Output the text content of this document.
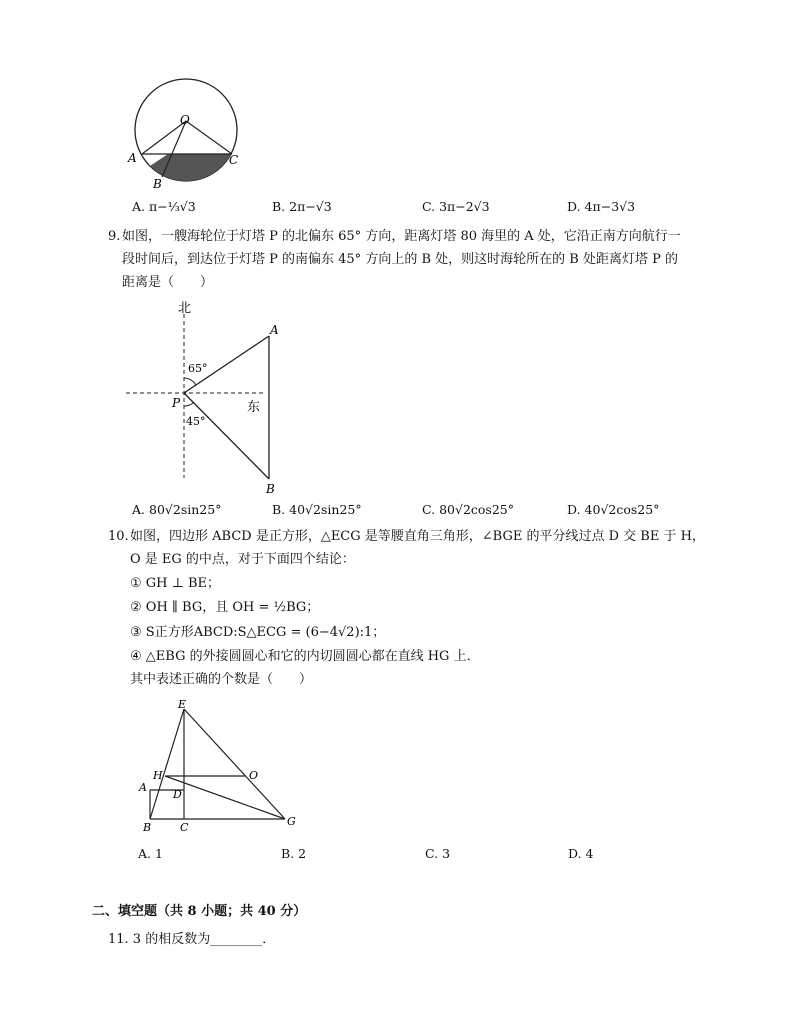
O
A
B
C
A. π−⅓√3	B. 2π−√3	C. 3π−2√3	D. 4π−3√3
9. 如图，一艘海轮位于灯塔 P 的北偏东 65° 方向，距离灯塔 80 海里的 A 处，它沿正南方向航行一
段时间后，到达位于灯塔 P 的南偏东 45° 方向上的 B 处，则这时海轮所在的 B 处距离灯塔 P 的
距离是（　　）
北
A
65°
P	东
45°
B
A. 80√2sin25°	B. 40√2sin25°	C. 80√2cos25°	D. 40√2cos25°
10. 如图，四边形 ABCD 是正方形，△ECG 是等腰直角三角形，∠BGE 的平分线过点 D 交 BE 于 H，
O 是 EG 的中点，对于下面四个结论：
① GH ⊥ BE；
② OH ∥ BG，且 OH = ½BG；
③ S正方形ABCD:S△ECG = (6−4√2):1；
④ △EBG 的外接圆圆心和它的内切圆圆心都在直线 HG 上．
其中表述正确的个数是（　　）
E
H	O
A
D
B	C	G
A. 1	B. 2	C. 3	D. 4
二、填空题（共 8 小题；共 40 分）
11. 3 的相反数为________．
